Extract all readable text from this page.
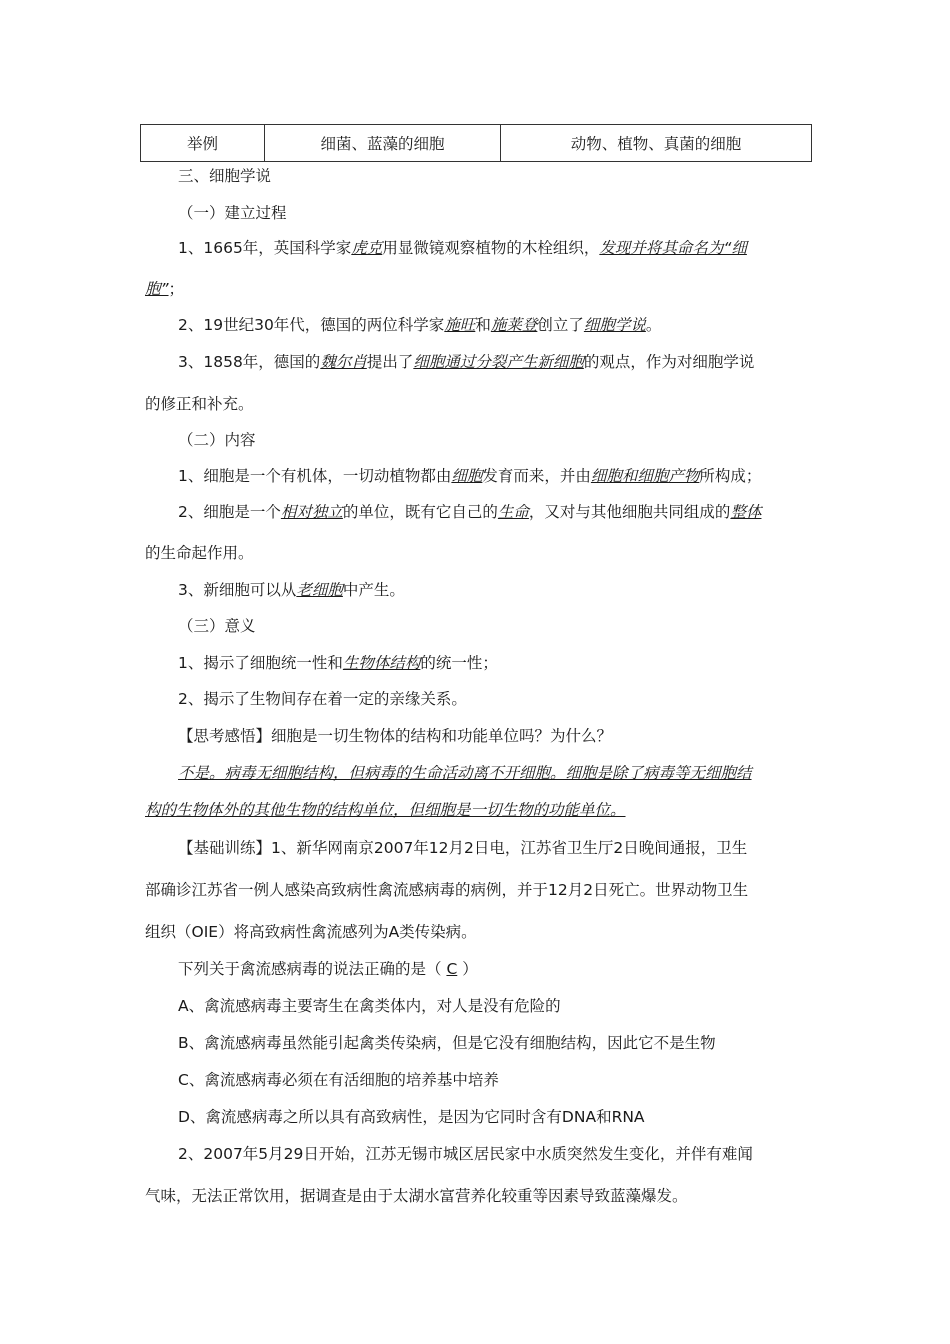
举例	细菌、蓝藻的细胞	动物、植物、真菌的细胞
三、细胞学说
（一）建立过程
1、1665年，英国科学家虎克用显微镜观察植物的木栓组织，发现并将其命名为“细
胞”；
2、19世纪30年代，德国的两位科学家施旺和施莱登创立了细胞学说。
3、1858年，德国的魏尔肖提出了细胞通过分裂产生新细胞的观点，作为对细胞学说
的修正和补充。
（二）内容
1、细胞是一个有机体，一切动植物都由细胞发育而来，并由细胞和细胞产物所构成；
2、细胞是一个相对独立的单位，既有它自己的生命，又对与其他细胞共同组成的整体
的生命起作用。
3、新细胞可以从老细胞中产生。
（三）意义
1、揭示了细胞统一性和生物体结构的统一性；
2、揭示了生物间存在着一定的亲缘关系。
【思考感悟】细胞是一切生物体的结构和功能单位吗？为什么？
不是。病毒无细胞结构，但病毒的生命活动离不开细胞。细胞是除了病毒等无细胞结
构的生物体外的其他生物的结构单位，但细胞是一切生物的功能单位。
【基础训练】1、新华网南京2007年12月2日电，江苏省卫生厅2日晚间通报，卫生
部确诊江苏省一例人感染高致病性禽流感病毒的病例，并于12月2日死亡。世界动物卫生
组织（OIE）将高致病性禽流感列为A类传染病。
下列关于禽流感病毒的说法正确的是（ C ）
A、禽流感病毒主要寄生在禽类体内，对人是没有危险的
B、禽流感病毒虽然能引起禽类传染病，但是它没有细胞结构，因此它不是生物
C、禽流感病毒必须在有活细胞的培养基中培养
D、禽流感病毒之所以具有高致病性，是因为它同时含有DNA和RNA
2、2007年5月29日开始，江苏无锡市城区居民家中水质突然发生变化，并伴有难闻
气味，无法正常饮用，据调查是由于太湖水富营养化较重等因素导致蓝藻爆发。
